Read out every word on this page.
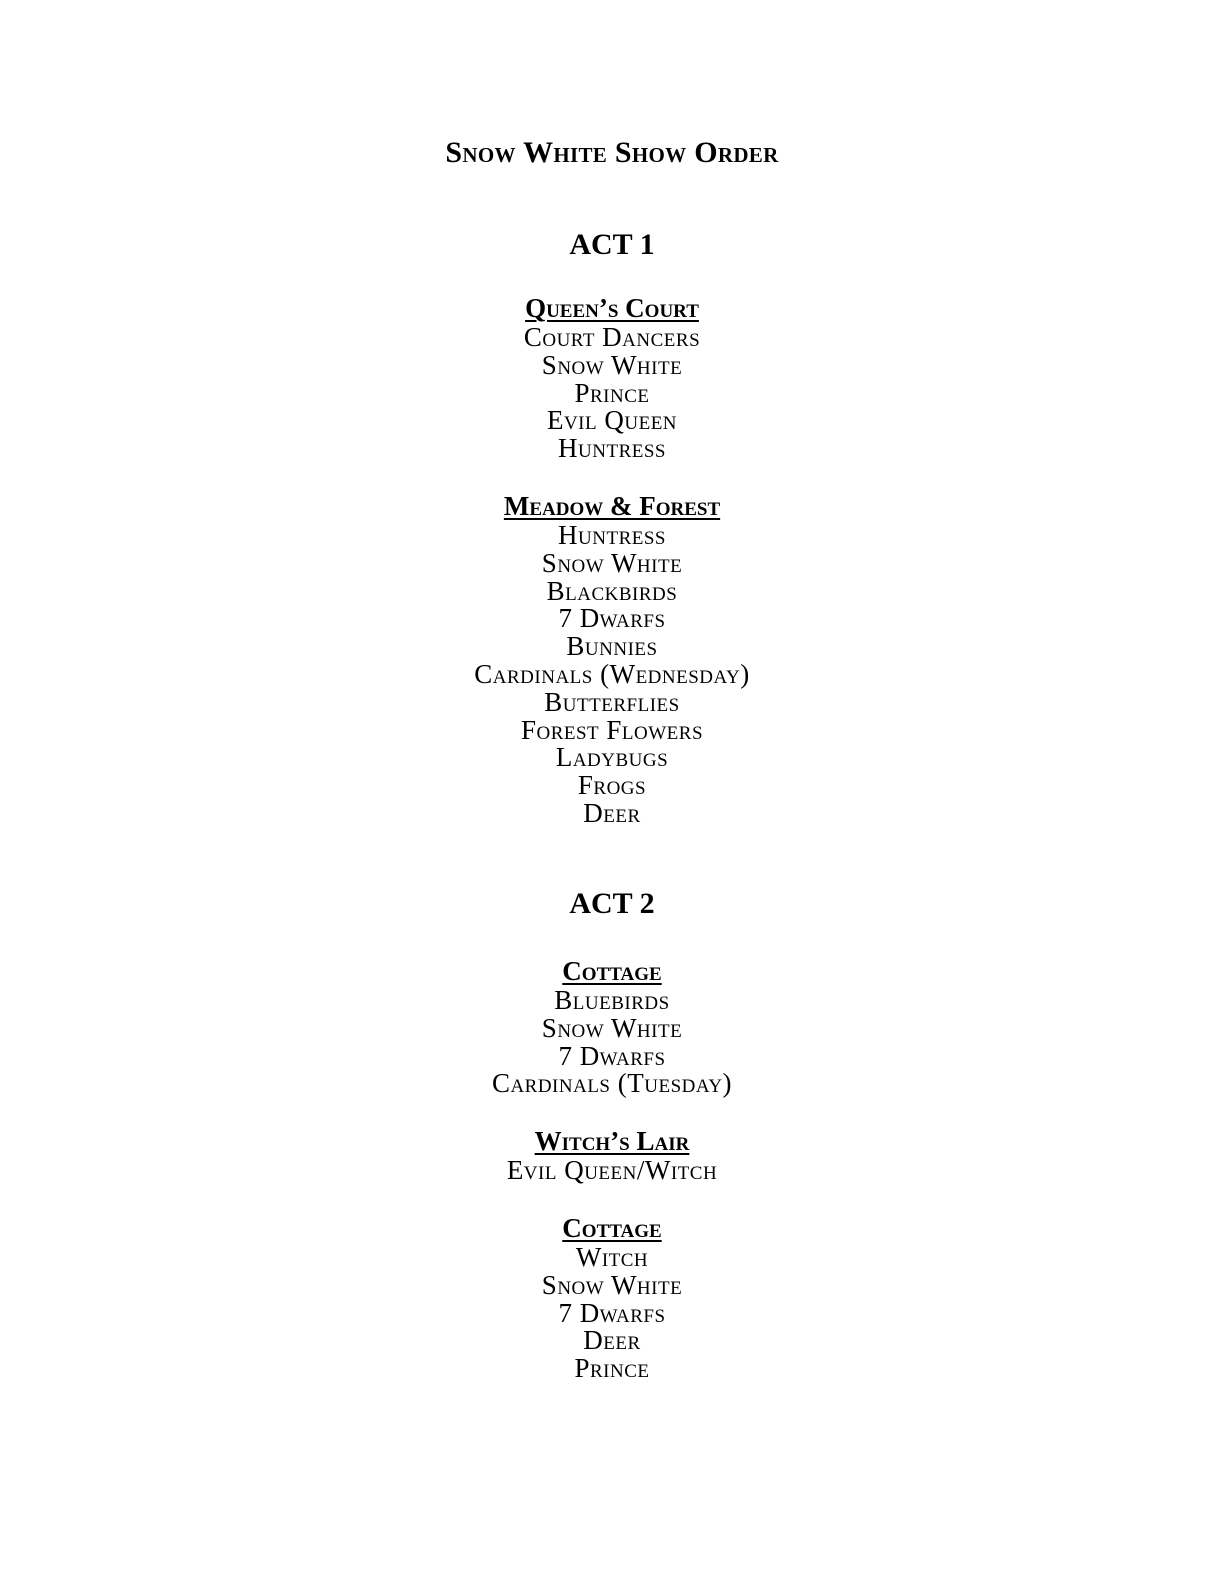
Snow White Show Order
ACT 1
Queen’s Court
Court Dancers
Snow White
Prince
Evil Queen
Huntress
Meadow & Forest
Huntress
Snow White
Blackbirds
7 Dwarfs
Bunnies
Cardinals (Wednesday)
Butterflies
Forest Flowers
Ladybugs
Frogs
Deer
ACT 2
Cottage
Bluebirds
Snow White
7 Dwarfs
Cardinals (Tuesday)
Witch’s Lair
Evil Queen/Witch
Cottage
Witch
Snow White
7 Dwarfs
Deer
Prince
